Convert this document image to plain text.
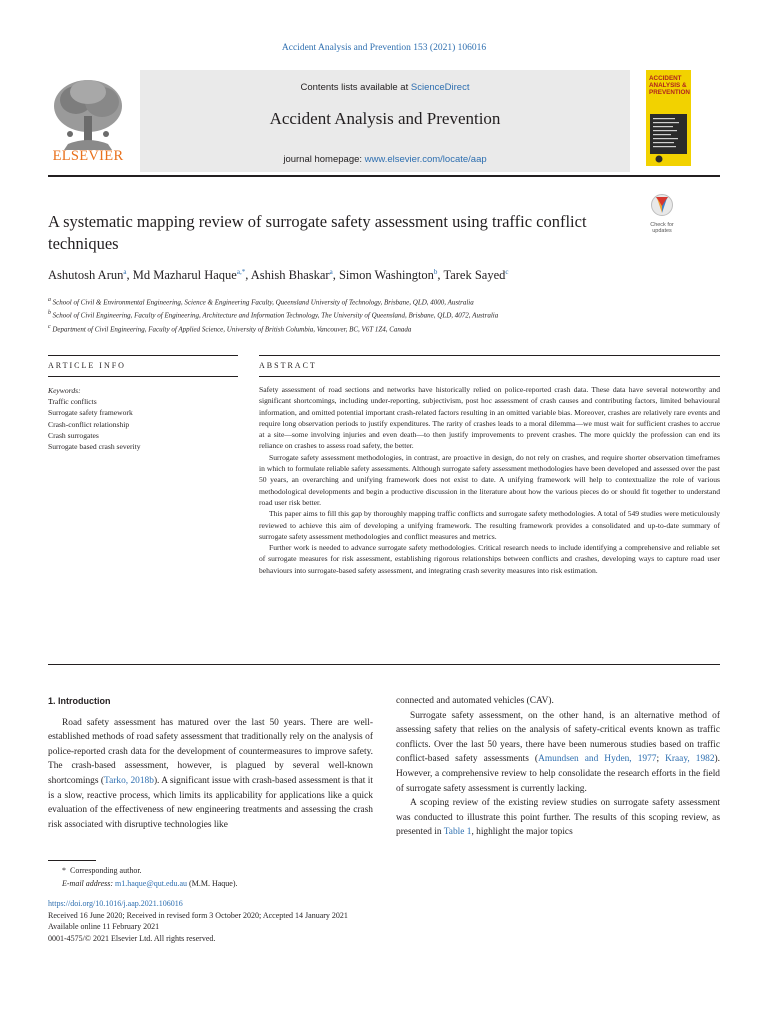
Accident Analysis and Prevention 153 (2021) 106016
ELSEVIER
Contents lists available at ScienceDirect
Accident Analysis and Prevention
journal homepage: www.elsevier.com/locate/aap
ACCIDENT ANALYSIS & PREVENTION
A systematic mapping review of surrogate safety assessment using traffic conflict techniques
Check for updates
Ashutosh Arun$^a$, Md Mazharul Haque$^{a,*}$, Ashish Bhaskar$^a$, Simon Washington$^b$, Tarek Sayed$^c$
$^a$ School of Civil & Environmental Engineering, Science & Engineering Faculty, Queensland University of Technology, Brisbane, QLD, 4000, Australia
$^b$ School of Civil Engineering, Faculty of Engineering, Architecture and Information Technology, The University of Queensland, Brisbane, QLD, 4072, Australia
$^c$ Department of Civil Engineering, Faculty of Applied Science, University of British Columbia, Vancouver, BC, V6T 1Z4, Canada
ARTICLE INFO	ABSTRACT
Keywords:
Traffic conflicts
Surrogate safety framework
Crash-conflict relationship
Crash surrogates
Surrogate based crash severity

Safety assessment of road sections and networks have historically relied on police-reported crash data. These data have several noteworthy and significant shortcomings, including under-reporting, subjectivism, post hoc assessment of crash causes and contributing factors, limited behavioural information, and omitted potential important crash-related factors resulting in an omitted variable bias. Moreover, crashes are relatively rare events and require long observation periods to justify expenditures. The rarity of crashes leads to a moral dilemma—we must wait for sufficient crashes to accrue at a site—some involving injuries and even death—to then justify improvements to prevent crashes. The more quickly the profession can end its reliance on crashes to assess road safety, the better.

Surrogate safety assessment methodologies, in contrast, are proactive in design, do not rely on crashes, and require shorter observation timeframes in which to formulate reliable safety assessments. Although surrogate safety assessment methodologies have been developed and assessed over the past 50 years, an overarching and unifying framework does not exist to date. A unifying framework will help to contextualize the role of various methodological developments and begin a productive discussion in the literature about how the various pieces do or should fit together to understand road user risk better.

This paper aims to fill this gap by thoroughly mapping traffic conflicts and surrogate safety methodologies. A total of 549 studies were meticulously reviewed to achieve this aim of developing a unifying framework. The resulting framework provides a consolidated and up-to-date summary of surrogate safety assessment methodologies and conflict measures and metrics.

Further work is needed to advance surrogate safety methodologies. Critical research needs to include identifying a comprehensive and reliable set of surrogate measures for risk assessment, establishing rigorous relationships between conflicts and crashes, developing ways to capture road user behaviours into surrogate-based safety assessment, and integrating crash severity measures into risk estimation.

1. Introduction

Road safety assessment has matured over the last 50 years. There are well-established methods of road safety assessment that traditionally rely on the analysis of police-reported crash data for the development of countermeasures to improve safety. The crash-based assessment, however, is plagued by several well-known shortcomings (Tarko, 2018b). A significant issue with crash-based assessment is that it is a slow, reactive process, which limits its applicability for applications like a quick evaluation of the effectiveness of new engineering treatments and assessing the crash risk associated with disruptive technologies like

connected and automated vehicles (CAV).

Surrogate safety assessment, on the other hand, is an alternative method of assessing safety that relies on the analysis of safety-critical events known as traffic conflicts. Over the last 50 years, there have been numerous studies based on traffic conflict-based safety assessments (Amundsen and Hyden, 1977; Kraay, 1982). However, a comprehensive review to help consolidate the research efforts in the field of surrogate safety assessment is currently lacking.

A scoping review of the existing review studies on surrogate safety assessment was conducted to illustrate this point further. The results of this scoping review, as presented in Table 1, highlight the major topics

* Corresponding author.
E-mail address: m1.haque@qut.edu.au (M.M. Haque).
https://doi.org/10.1016/j.aap.2021.106016
Received 16 June 2020; Received in revised form 3 October 2020; Accepted 14 January 2021
Available online 11 February 2021
0001-4575/© 2021 Elsevier Ltd. All rights reserved.
